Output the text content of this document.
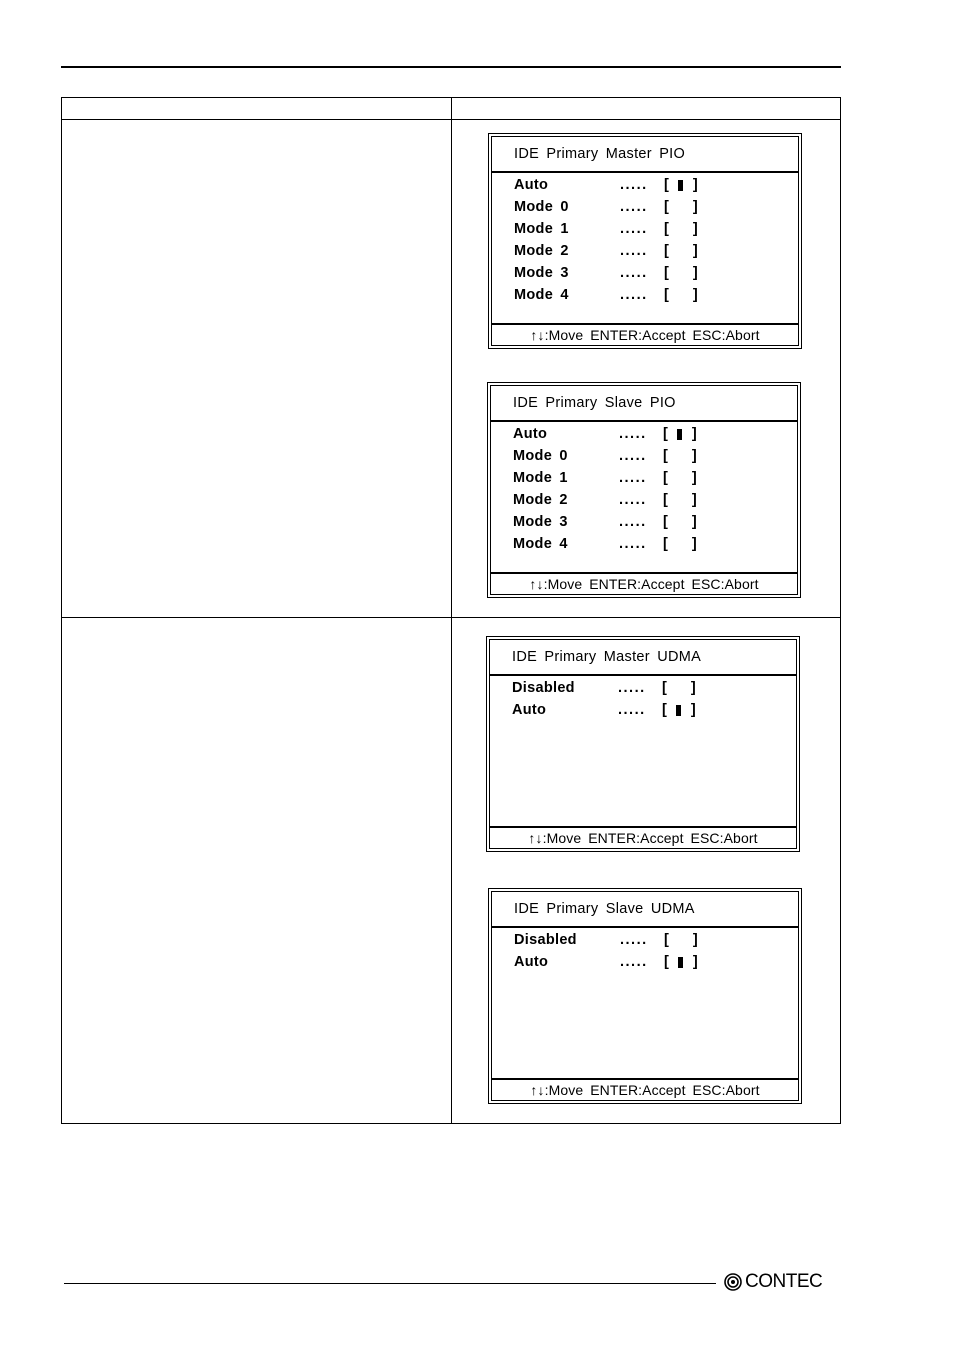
IDE Primary Master PIO
Auto	..... [ ]
Mode 0	..... [ ]
Mode 1	..... [ ]
Mode 2	..... [ ]
Mode 3	..... [ ]
Mode 4	..... [ ]
↑↓:Move ENTER:Accept ESC:Abort
IDE Primary Slave PIO
Auto	..... [ ]
Mode 0	..... [ ]
Mode 1	..... [ ]
Mode 2	..... [ ]
Mode 3	..... [ ]
Mode 4	..... [ ]
↑↓:Move ENTER:Accept ESC:Abort
IDE Primary Master UDMA
Disabled	..... [ ]
Auto	..... [ ]
↑↓:Move ENTER:Accept ESC:Abort
IDE Primary Slave UDMA
Disabled	..... [ ]
Auto	..... [ ]
↑↓:Move ENTER:Accept ESC:Abort
CONTEC
